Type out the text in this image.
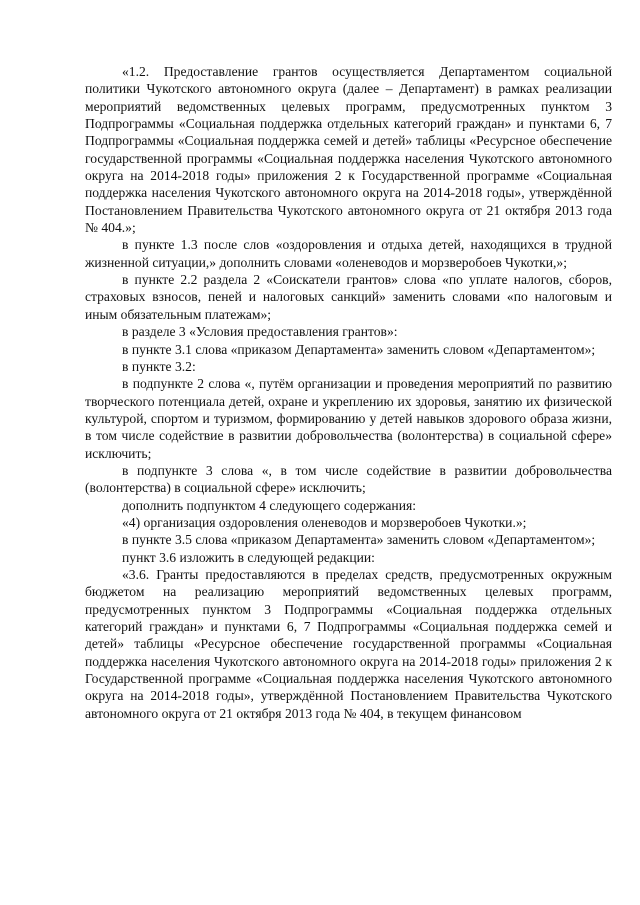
«1.2. Предоставление грантов осуществляется Департаментом социальной политики Чукотского автономного округа (далее – Департамент) в рамках реализации мероприятий ведомственных целевых программ, предусмотренных пунктом 3 Подпрограммы «Социальная поддержка отдельных категорий граждан» и пунктами 6, 7 Подпрограммы «Социальная поддержка семей и детей» таблицы «Ресурсное обеспечение государственной программы «Социальная поддержка населения Чукотского автономного округа на 2014-2018 годы» приложения 2 к Государственной программе «Социальная поддержка населения Чукотского автономного округа на 2014-2018 годы», утверждённой Постановлением Правительства Чукотского автономного округа от 21 октября 2013 года № 404.»;

в пункте 1.3 после слов «оздоровления и отдыха детей, находящихся в трудной жизненной ситуации,» дополнить словами «оленеводов и морзверобоев Чукотки,»;

в пункте 2.2 раздела 2 «Соискатели грантов» слова «по уплате налогов, сборов, страховых взносов, пеней и налоговых санкций» заменить словами «по налоговым и иным обязательным платежам»;

в разделе 3 «Условия предоставления грантов»:

в пункте 3.1 слова «приказом Департамента» заменить словом «Департаментом»;

в пункте 3.2:

в подпункте 2 слова «, путём организации и проведения мероприятий по развитию творческого потенциала детей, охране и укреплению их здоровья, занятию их физической культурой, спортом и туризмом, формированию у детей навыков здорового образа жизни, в том числе содействие в развитии добровольчества (волонтерства) в социальной сфере» исключить;

в подпункте 3 слова «, в том числе содействие в развитии добровольчества (волонтерства) в социальной сфере» исключить;

дополнить подпунктом 4 следующего содержания:

«4) организация оздоровления оленеводов и морзверобоев Чукотки.»;

в пункте 3.5 слова «приказом Департамента» заменить словом «Департаментом»;

пункт 3.6 изложить в следующей редакции:

«3.6. Гранты предоставляются в пределах средств, предусмотренных окружным бюджетом на реализацию мероприятий ведомственных целевых программ, предусмотренных пунктом 3 Подпрограммы «Социальная поддержка отдельных категорий граждан» и пунктами 6, 7 Подпрограммы «Социальная поддержка семей и детей» таблицы «Ресурсное обеспечение государственной программы «Социальная поддержка населения Чукотского автономного округа на 2014-2018 годы» приложения 2 к Государственной программе «Социальная поддержка населения Чукотского автономного округа на 2014-2018 годы», утверждённой Постановлением Правительства Чукотского автономного округа от 21 октября 2013 года № 404, в текущем финансовом
